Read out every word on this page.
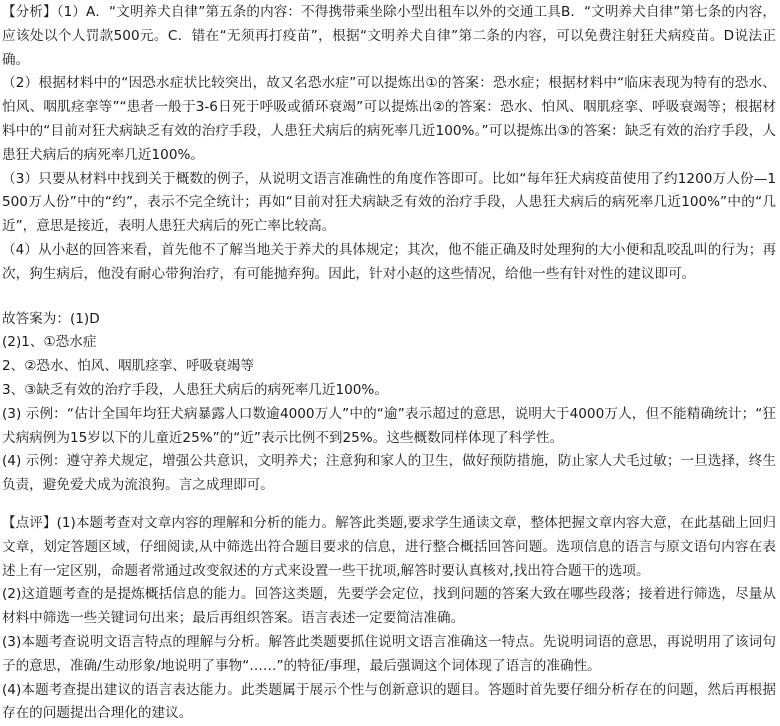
【分析】（1）A．“文明养犬自律”第五条的内容：不得携带乘坐除小型出租车以外的交通工具B．“文明养犬自律”第七条的内容，应该处以个人罚款500元。C．错在“无须再打疫苗”，根据“文明养犬自律”第二条的内容，可以免费注射狂犬病疫苗。D说法正确。

（2）根据材料中的“因恐水症状比较突出，故又名恐水症”可以提炼出①的答案：恐水症；根据材料中“临床表现为特有的恐水、怕风、咽肌痉挛等”“患者一般于3-6日死于呼吸或循环衰竭”可以提炼出②的答案：恐水、怕风、咽肌痉挛、呼吸衰竭等；根据材料中的“目前对狂犬病缺乏有效的治疗手段，人患狂犬病后的病死率几近100%。”可以提炼出③的答案：缺乏有效的治疗手段，人患狂犬病后的病死率几近100%。

（3）只要从材料中找到关于概数的例子，从说明文语言准确性的角度作答即可。比如“每年狂犬病疫苗使用了约1200万人份—1500万人份”中的“约”，表示不完全统计；再如“目前对狂犬病缺乏有效的治疗手段，人患狂犬病后的病死率几近100%”中的“几近”，意思是接近，表明人患狂犬病后的死亡率比较高。

（4）从小赵的回答来看，首先他不了解当地关于养犬的具体规定；其次，他不能正确及时处理狗的大小便和乱咬乱叫的行为；再次，狗生病后，他没有耐心带狗治疗，有可能抛弃狗。因此，针对小赵的这些情况，给他一些有针对性的建议即可。

故答案为：(1)D

(2)1、①恐水症

2、②恐水、怕风、咽肌痉挛、呼吸衰竭等

3、③缺乏有效的治疗手段，人患狂犬病后的病死率几近100%。

(3) 示例：“估计全国年均狂犬病暴露人口数逾4000万人”中的“逾”表示超过的意思，说明大于4000万人，但不能精确统计；“狂犬病病例为15岁以下的儿童近25%”的“近”表示比例不到25%。这些概数同样体现了科学性。

(4) 示例：遵守养犬规定，增强公共意识，文明养犬；注意狗和家人的卫生，做好预防措施，防止家人犬毛过敏；一旦选择，终生负责，避免爱犬成为流浪狗。言之成理即可。

【点评】(1)本题考查对文章内容的理解和分析的能力。解答此类题,要求学生通读文章，整体把握文章内容大意，在此基础上回归文章，划定答题区域，仔细阅读,从中筛选出符合题目要求的信息，进行整合概括回答问题。选项信息的语言与原文语句内容在表述上有一定区别，命题者常通过改变叙述的方式来设置一些干扰项,解答时要认真核对,找出符合题干的选项。

(2)这道题考查的是提炼概括信息的能力。回答这类题，先要学会定位，找到问题的答案大致在哪些段落；接着进行筛选，尽量从材料中筛选一些关键词句出来；最后再组织答案。语言表述一定要简洁准确。

(3)本题考查说明文语言特点的理解与分析。解答此类题要抓住说明文语言准确这一特点。先说明词语的意思，再说明用了该词句子的意思，准确/生动形象/地说明了事物“……”的特征/事理，最后强调这个词体现了语言的准确性。

(4)本题考查提出建议的语言表达能力。此类题属于展示个性与创新意识的题目。答题时首先要仔细分析存在的问题，然后再根据存在的问题提出合理化的建议。
